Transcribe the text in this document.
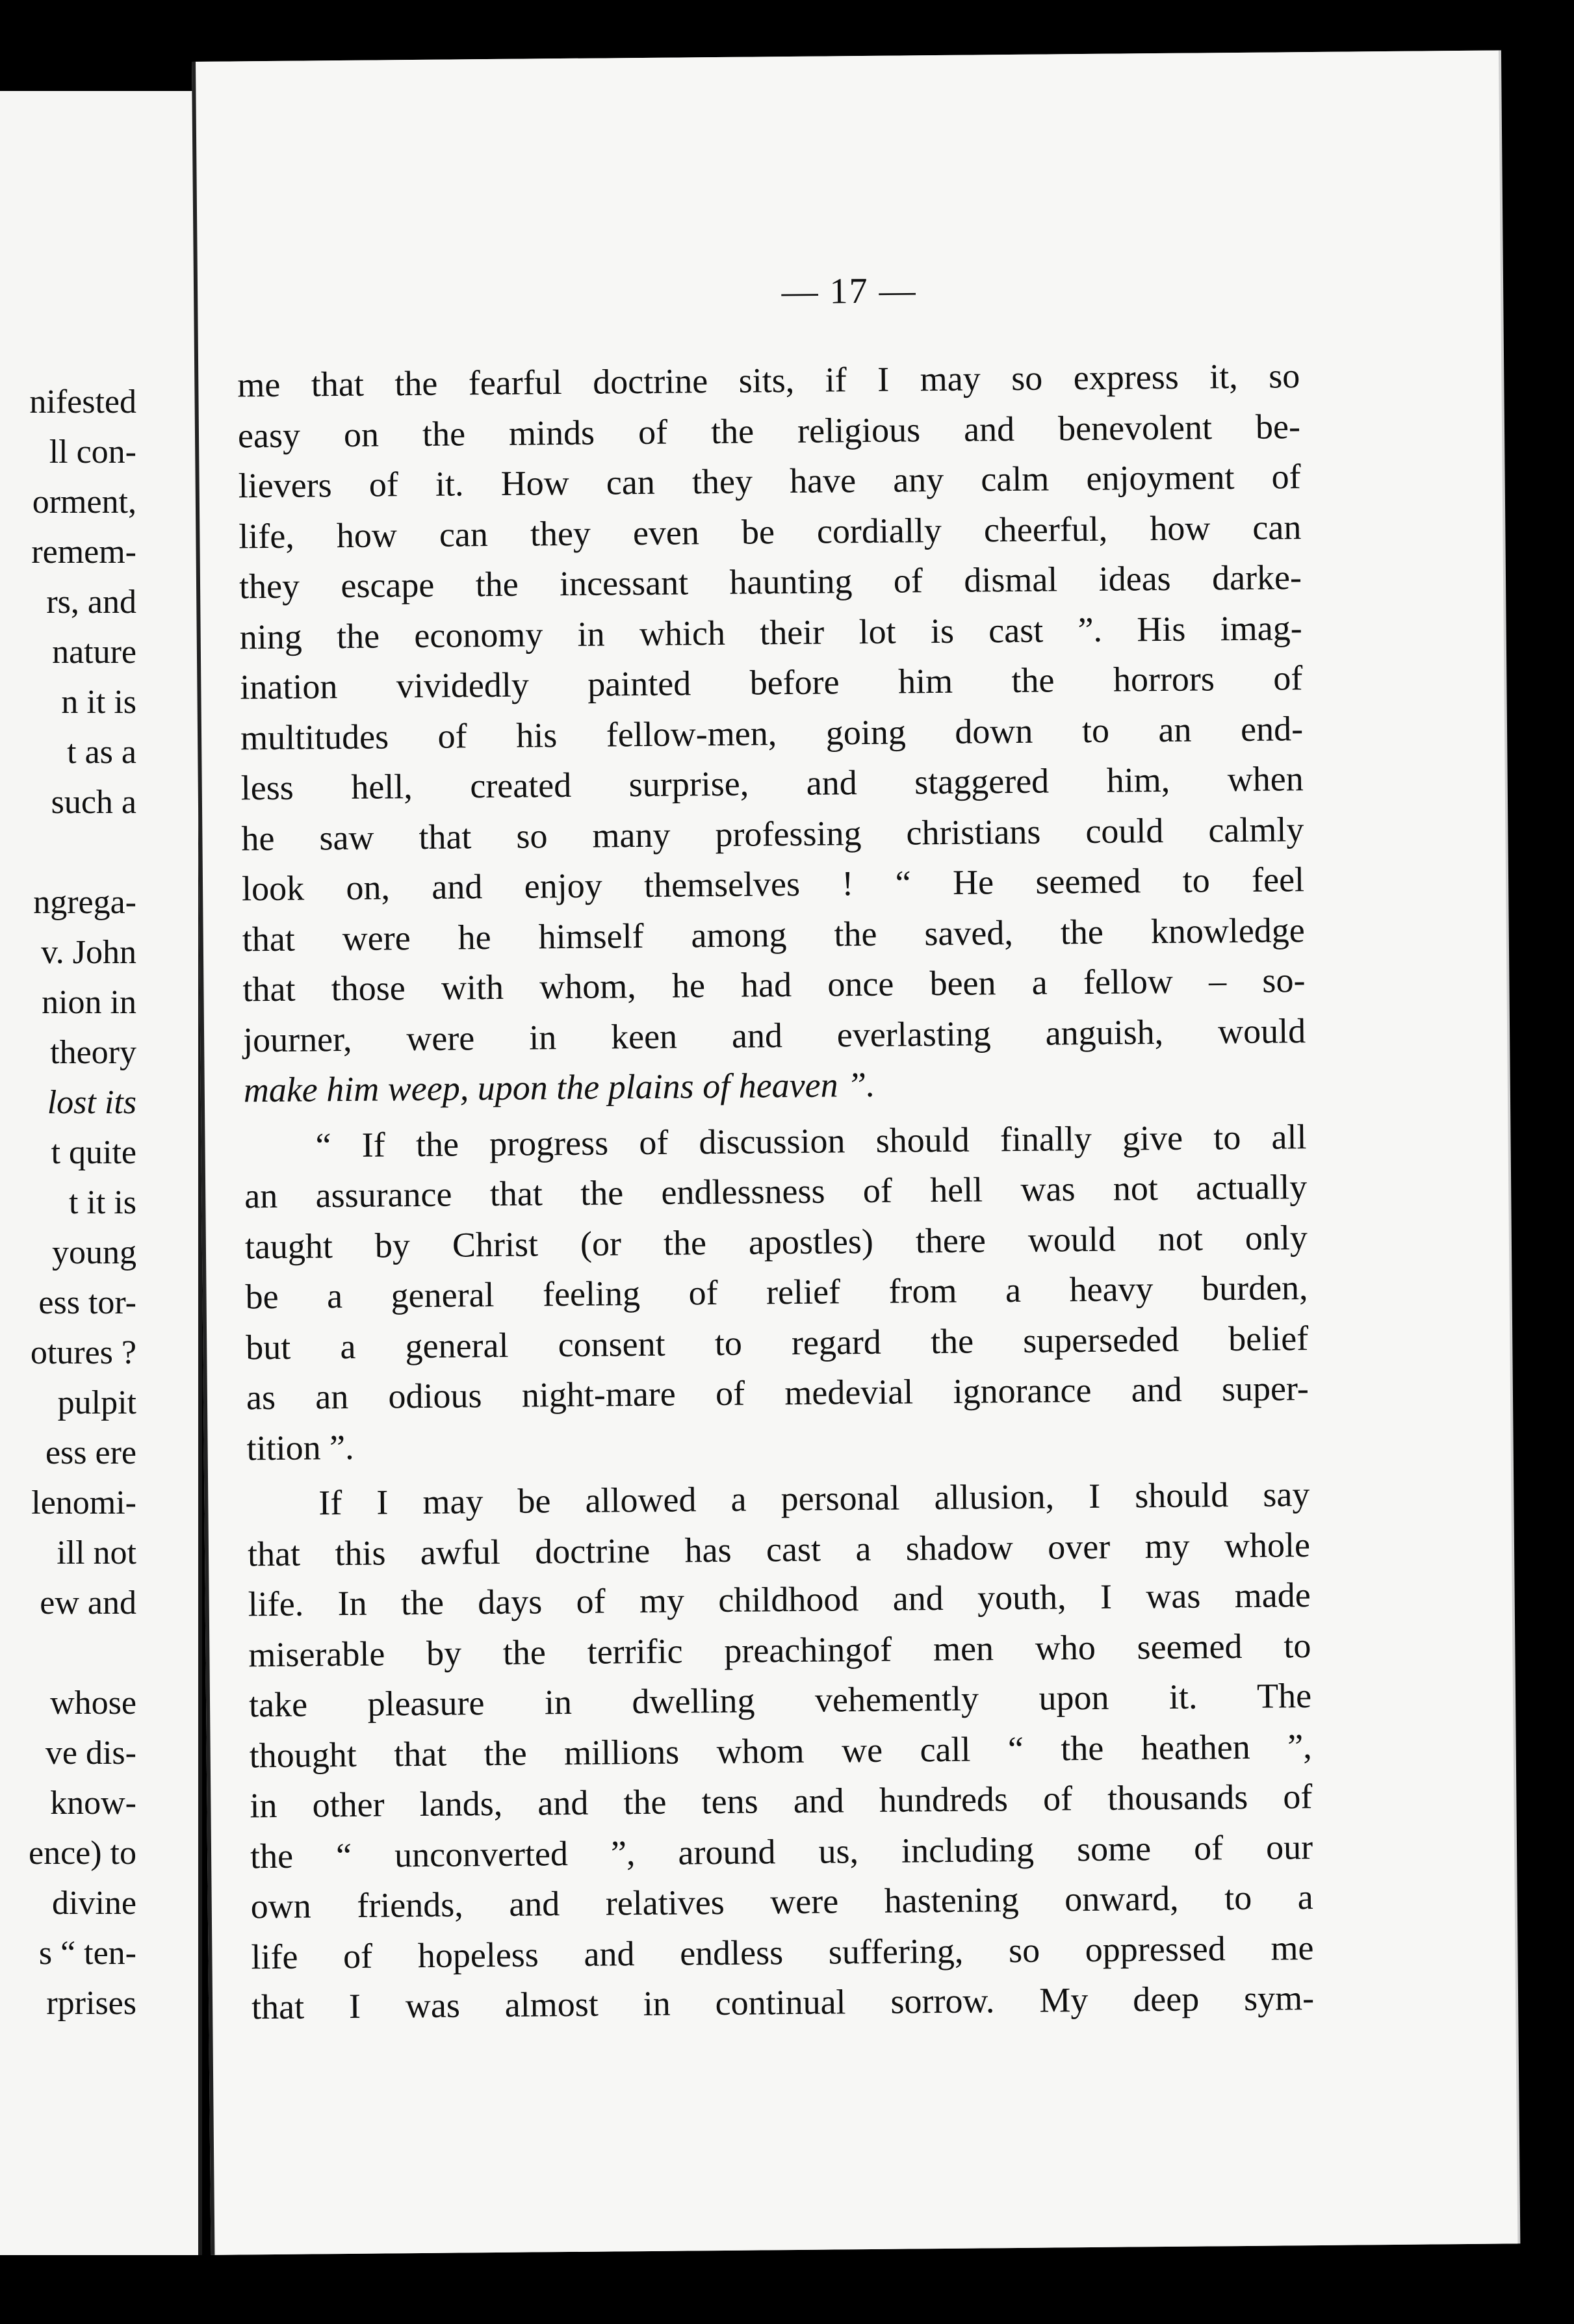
nifested
ll con-
orment,
remem-
rs, and
nature
n it is
t as a
such a
ngrega-
v. John
nion in
theory
lost its
t quite
t it is
young
ess tor-
otures ?
pulpit
ess ere
lenomi-
ill not
ew and
whose
ve dis-
know-
ence) to
divine
s “ ten-
rprises
— 17 —
me that the fearful doctrine sits, if I may so express it, so
easy on the minds of the religious and benevolent be-
lievers of it. How can they have any calm enjoyment of
life, how can they even be cordially cheerful, how can
they escape the incessant haunting of dismal ideas darke-
ning the economy in which their lot is cast ”. His imag-
ination vividedly painted before him the horrors of
multitudes of his fellow-men, going down to an end-
less hell, created surprise, and staggered him, when
he saw that so many professing christians could calmly
look on, and enjoy themselves ! “ He seemed to feel
that were he himself among the saved, the knowledge
that those with whom, he had once been a fellow – so-
journer, were in keen and everlasting anguish, would
make him weep, upon the plains of heaven ”.
“ If the progress of discussion should finally give to all
an assurance that the endlessness of hell was not actually
taught by Christ (or the apostles) there would not only
be a general feeling of relief from a heavy burden,
but a general consent to regard the superseded belief
as an odious night-mare of medevial ignorance and super-
tition ”.
If I may be allowed a personal allusion, I should say
that this awful doctrine has cast a shadow over my whole
life. In the days of my childhood and youth, I was made
miserable by the terrific preachingof men who seemed to
take pleasure in dwelling vehemently upon it. The
thought that the millions whom we call “ the heathen ”,
in other lands, and the tens and hundreds of thousands of
the “ unconverted ”, around us, including some of our
own friends, and relatives were hastening onward, to a
life of hopeless and endless suffering, so oppressed me
that I was almost in continual sorrow. My deep sym-
